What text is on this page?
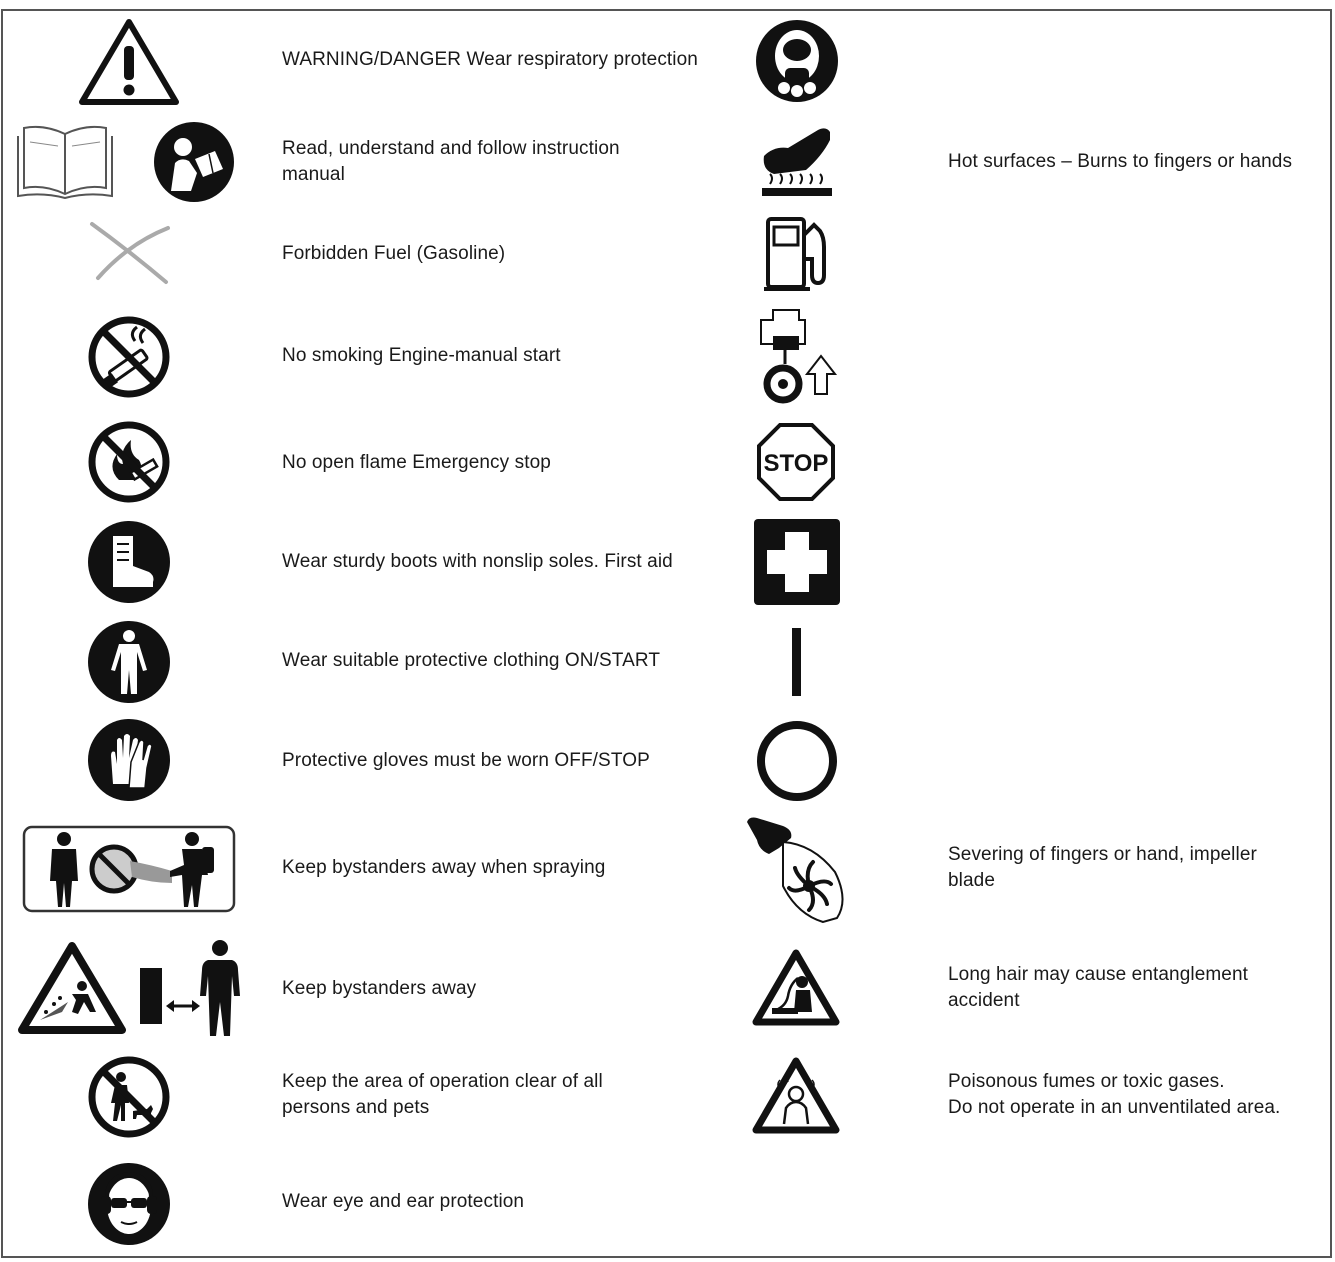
WARNING/DANGER Wear respiratory protection
Read, understand and follow instruction
manual
Hot surfaces – Burns to fingers or hands
Forbidden Fuel (Gasoline)
No smoking Engine-manual start
No open flame Emergency stop	STOP
Wear sturdy boots with nonslip soles. First aid
Wear suitable protective clothing ON/START
Protective gloves must be worn OFF/STOP
Keep bystanders away when spraying
Severing of fingers or hand, impeller
blade
Keep bystanders away
Long hair may cause entanglement
accident
Keep the area of operation clear of all
persons and pets
Poisonous fumes or toxic gases.
Do not operate in an unventilated area.
Wear eye and ear protection
